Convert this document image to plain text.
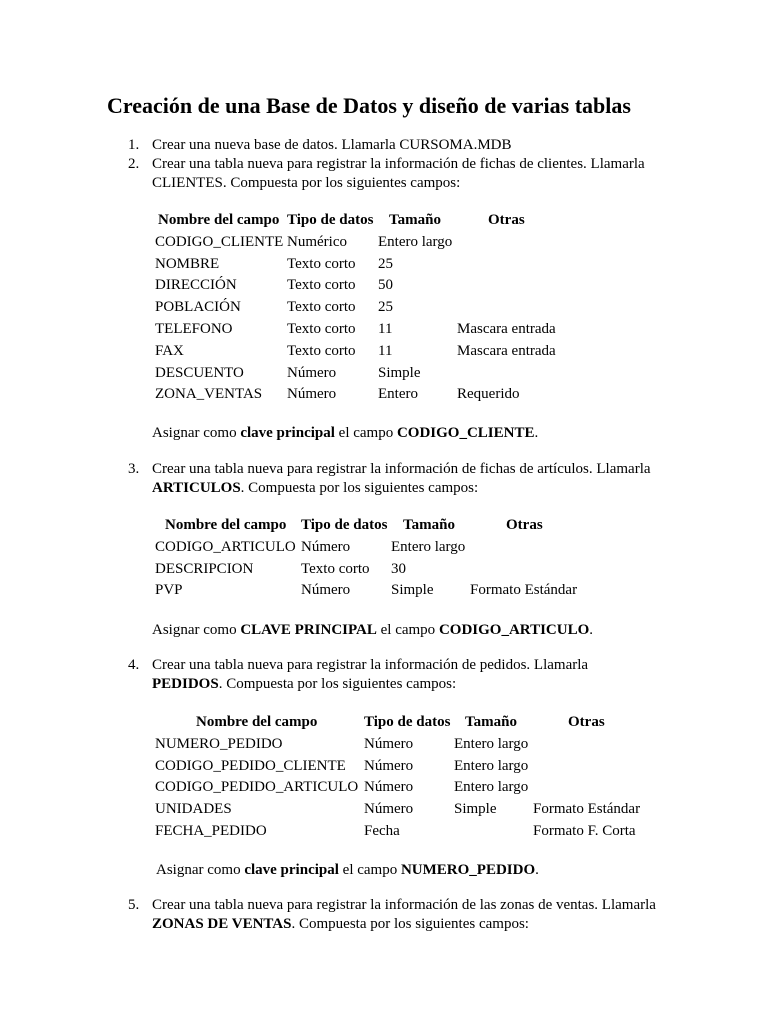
Creación de una Base de Datos y diseño de varias tablas
1. Crear una nueva base de datos. Llamarla CURSOMA.MDB
2. Crear una tabla nueva para registrar la información de fichas de clientes. Llamarla
CLIENTES. Compuesta por los siguientes campos:
Nombre del campo Tipo de datos Tamaño	Otras
CODIGO_CLIENTE Numérico Entero largo
NOMBRE	Texto corto 25
DIRECCIÓN	Texto corto 50
POBLACIÓN	Texto corto 25
TELEFONO	Texto corto 11	Mascara entrada
FAX	Texto corto 11	Mascara entrada
DESCUENTO	Número	Simple
ZONA_VENTAS Número	Entero	Requerido
Asignar como clave principal el campo CODIGO_CLIENTE.
3. Crear una tabla nueva para registrar la información de fichas de artículos. Llamarla
ARTICULOS. Compuesta por los siguientes campos:
Nombre del campo Tipo de datos Tamaño	Otras
CODIGO_ARTICULO Número	Entero largo
DESCRIPCION	Texto corto 30
PVP	Número	Simple Formato Estándar
Asignar como CLAVE PRINCIPAL el campo CODIGO_ARTICULO.
4. Crear una tabla nueva para registrar la información de pedidos. Llamarla
PEDIDOS. Compuesta por los siguientes campos:
Nombre del campo	Tipo de datos Tamaño	Otras
NUMERO_PEDIDO	Número	Entero largo
CODIGO_PEDIDO_CLIENTE Número	Entero largo
CODIGO_PEDIDO_ARTICULO Número	Entero largo
UNIDADES	Número	Simple Formato Estándar
FECHA_PEDIDO	Fecha	Formato F. Corta
Asignar como clave principal el campo NUMERO_PEDIDO.
5. Crear una tabla nueva para registrar la información de las zonas de ventas. Llamarla
ZONAS DE VENTAS. Compuesta por los siguientes campos:
